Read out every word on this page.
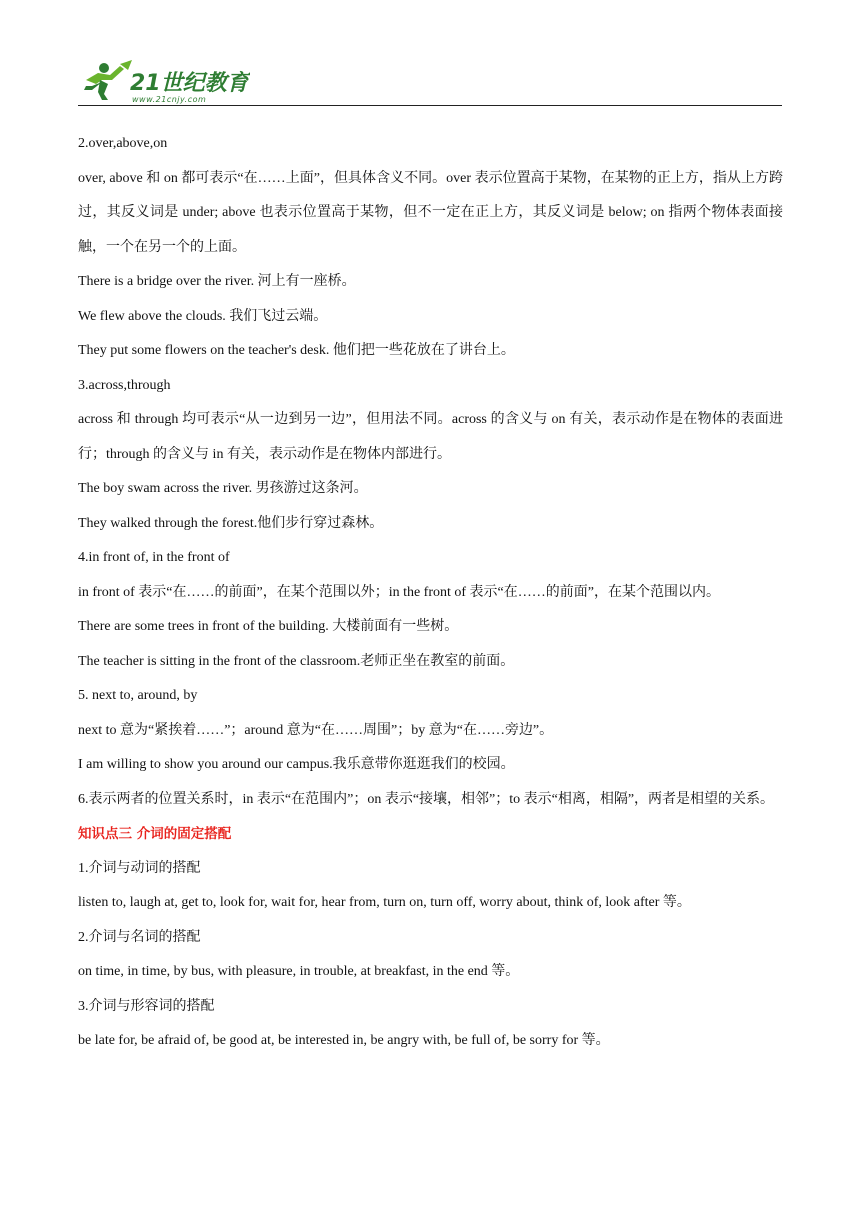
21世纪教育
www.21cnjy.com

2.over,above,on

over, above 和 on 都可表示“在……上面”，但具体含义不同。over 表示位置高于某物，在某物的正上方，指从上方跨过，其反义词是 under; above 也表示位置高于某物，但不一定在正上方，其反义词是 below; on 指两个物体表面接触，一个在另一个的上面。

There is a bridge over the river. 河上有一座桥。

We flew above the clouds. 我们飞过云端。

They put some flowers on the teacher's desk. 他们把一些花放在了讲台上。

3.across,through

across 和 through 均可表示“从一边到另一边”，但用法不同。across 的含义与 on 有关，表示动作是在物体的表面进行；through 的含义与 in 有关，表示动作是在物体内部进行。

The boy swam across the river. 男孩游过这条河。

They walked through the forest.他们步行穿过森林。

4.in front of, in the front of

in front of 表示“在……的前面”，在某个范围以外；in the front of 表示“在……的前面”，在某个范围以内。

There are some trees in front of the building. 大楼前面有一些树。

The teacher is sitting in the front of the classroom.老师正坐在教室的前面。

5. next to, around, by

next to 意为“紧挨着……”；around 意为“在……周围”；by 意为“在……旁边”。

I am willing to show you around our campus.我乐意带你逛逛我们的校园。

6.表示两者的位置关系时，in 表示“在范围内”；on 表示“接壤，相邻”；to 表示“相离，相隔”，两者是相望的关系。

知识点三 介词的固定搭配

1.介词与动词的搭配

listen to, laugh at, get to, look for, wait for, hear from, turn on, turn off, worry about, think of, look after 等。

2.介词与名词的搭配

on time, in time, by bus, with pleasure, in trouble, at breakfast, in the end 等。

3.介词与形容词的搭配

be late for, be afraid of, be good at, be interested in, be angry with, be full of, be sorry for 等。
